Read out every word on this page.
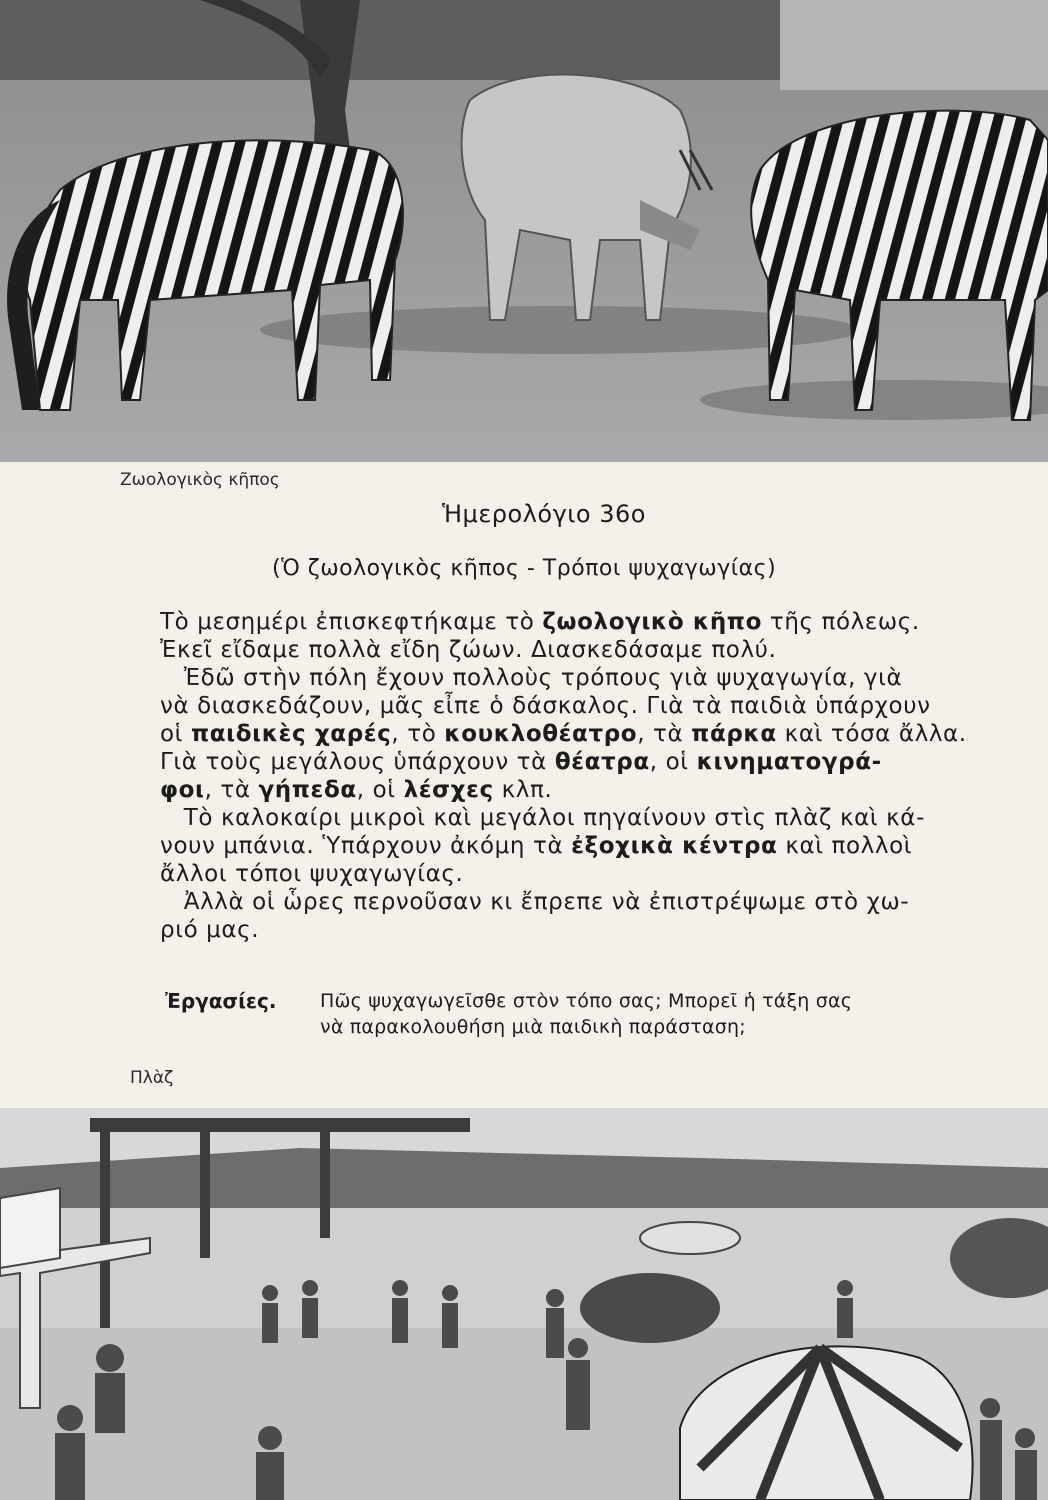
Ζωολογικὸς κῆπος
Ἡμερολόγιο 36ο
(Ὁ ζωολογικὸς κῆπος - Τρόποι ψυχαγωγίας)
Τὸ μεσημέρι ἐπισκεφτήκαμε τὸ ζωολογικὸ κῆπο τῆς πόλεως.
Ἐκεῖ εἴδαμε πολλὰ εἴδη ζώων. Διασκεδάσαμε πολύ.
Ἐδῶ στὴν πόλη ἔχουν πολλοὺς τρόπους γιὰ ψυχαγωγία, γιὰ
νὰ διασκεδάζουν, μᾶς εἶπε ὁ δάσκαλος. Γιὰ τὰ παιδιὰ ὑπάρχουν
οἱ παιδικὲς χαρές, τὸ κουκλοθέατρο, τὰ πάρκα καὶ τόσα ἄλλα.
Γιὰ τοὺς μεγάλους ὑπάρχουν τὰ θέατρα, οἱ κινηματογρά-
φοι, τὰ γήπεδα, οἱ λέσχες κλπ.
Τὸ καλοκαίρι μικροὶ καὶ μεγάλοι πηγαίνουν στὶς πλὰζ καὶ κά-
νουν μπάνια. Ὑπάρχουν ἀκόμη τὰ ἐξοχικὰ κέντρα καὶ πολλοὶ
ἄλλοι τόποι ψυχαγωγίας.
Ἀλλὰ οἱ ὧρες περνοῦσαν κι ἔπρεπε νὰ ἐπιστρέψωμε στὸ χω-
ριό μας.
Ἐργασίες. Πῶς ψυχαγωγεῖσθε στὸν τόπο σας; Μπορεῖ ἡ τάξη σας
νὰ παρακολουθήση μιὰ παιδικὴ παράσταση;
Πλὰζ
